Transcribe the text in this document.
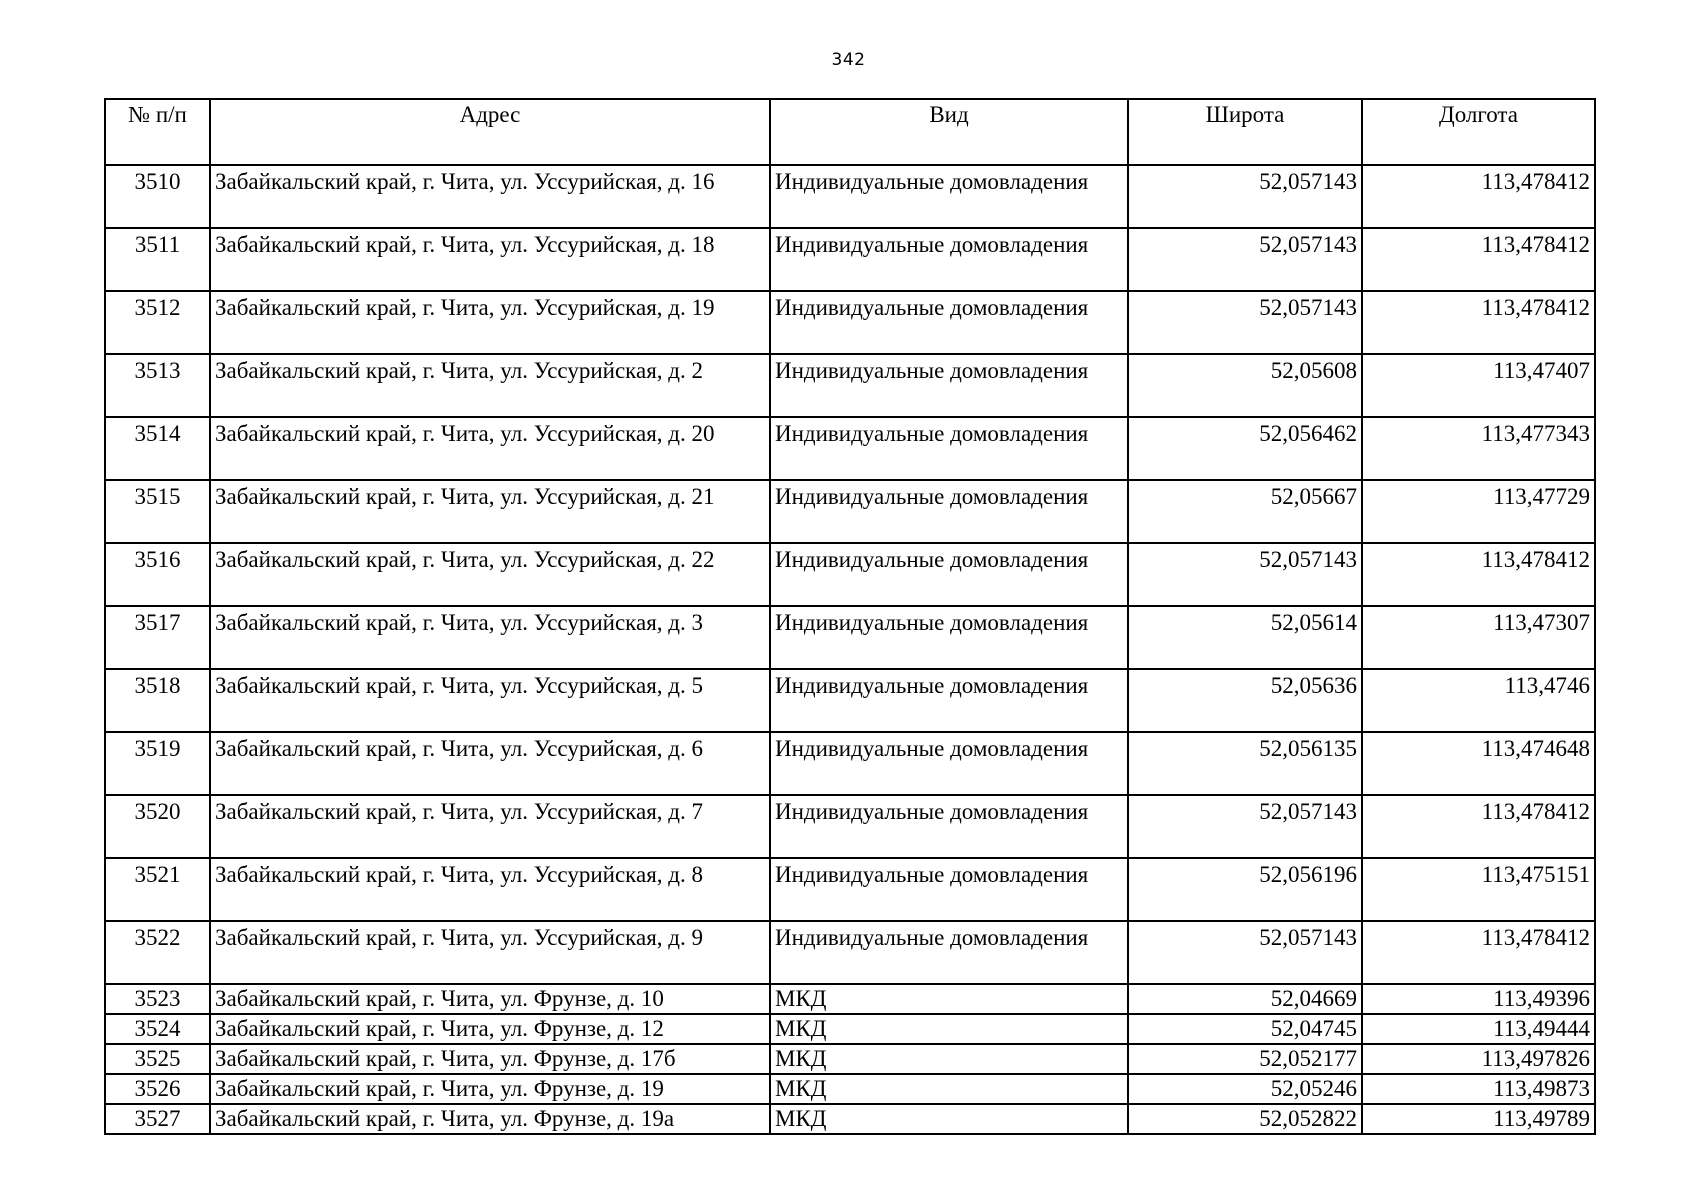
342
№ п/п	Адрес	Вид	Широта	Долгота
3510	Забайкальский край, г. Чита, ул. Уссурийская, д. 16	Индивидуальные домовладения	52,057143	113,478412
3511	Забайкальский край, г. Чита, ул. Уссурийская, д. 18	Индивидуальные домовладения	52,057143	113,478412
3512	Забайкальский край, г. Чита, ул. Уссурийская, д. 19	Индивидуальные домовладения	52,057143	113,478412
3513	Забайкальский край, г. Чита, ул. Уссурийская, д. 2	Индивидуальные домовладения	52,05608	113,47407
3514	Забайкальский край, г. Чита, ул. Уссурийская, д. 20	Индивидуальные домовладения	52,056462	113,477343
3515	Забайкальский край, г. Чита, ул. Уссурийская, д. 21	Индивидуальные домовладения	52,05667	113,47729
3516	Забайкальский край, г. Чита, ул. Уссурийская, д. 22	Индивидуальные домовладения	52,057143	113,478412
3517	Забайкальский край, г. Чита, ул. Уссурийская, д. 3	Индивидуальные домовладения	52,05614	113,47307
3518	Забайкальский край, г. Чита, ул. Уссурийская, д. 5	Индивидуальные домовладения	52,05636	113,4746
3519	Забайкальский край, г. Чита, ул. Уссурийская, д. 6	Индивидуальные домовладения	52,056135	113,474648
3520	Забайкальский край, г. Чита, ул. Уссурийская, д. 7	Индивидуальные домовладения	52,057143	113,478412
3521	Забайкальский край, г. Чита, ул. Уссурийская, д. 8	Индивидуальные домовладения	52,056196	113,475151
3522	Забайкальский край, г. Чита, ул. Уссурийская, д. 9	Индивидуальные домовладения	52,057143	113,478412
3523	Забайкальский край, г. Чита, ул. Фрунзе, д. 10	МКД	52,04669	113,49396
3524	Забайкальский край, г. Чита, ул. Фрунзе, д. 12	МКД	52,04745	113,49444
3525	Забайкальский край, г. Чита, ул. Фрунзе, д. 17б	МКД	52,052177	113,497826
3526	Забайкальский край, г. Чита, ул. Фрунзе, д. 19	МКД	52,05246	113,49873
3527	Забайкальский край, г. Чита, ул. Фрунзе, д. 19а	МКД	52,052822	113,49789
